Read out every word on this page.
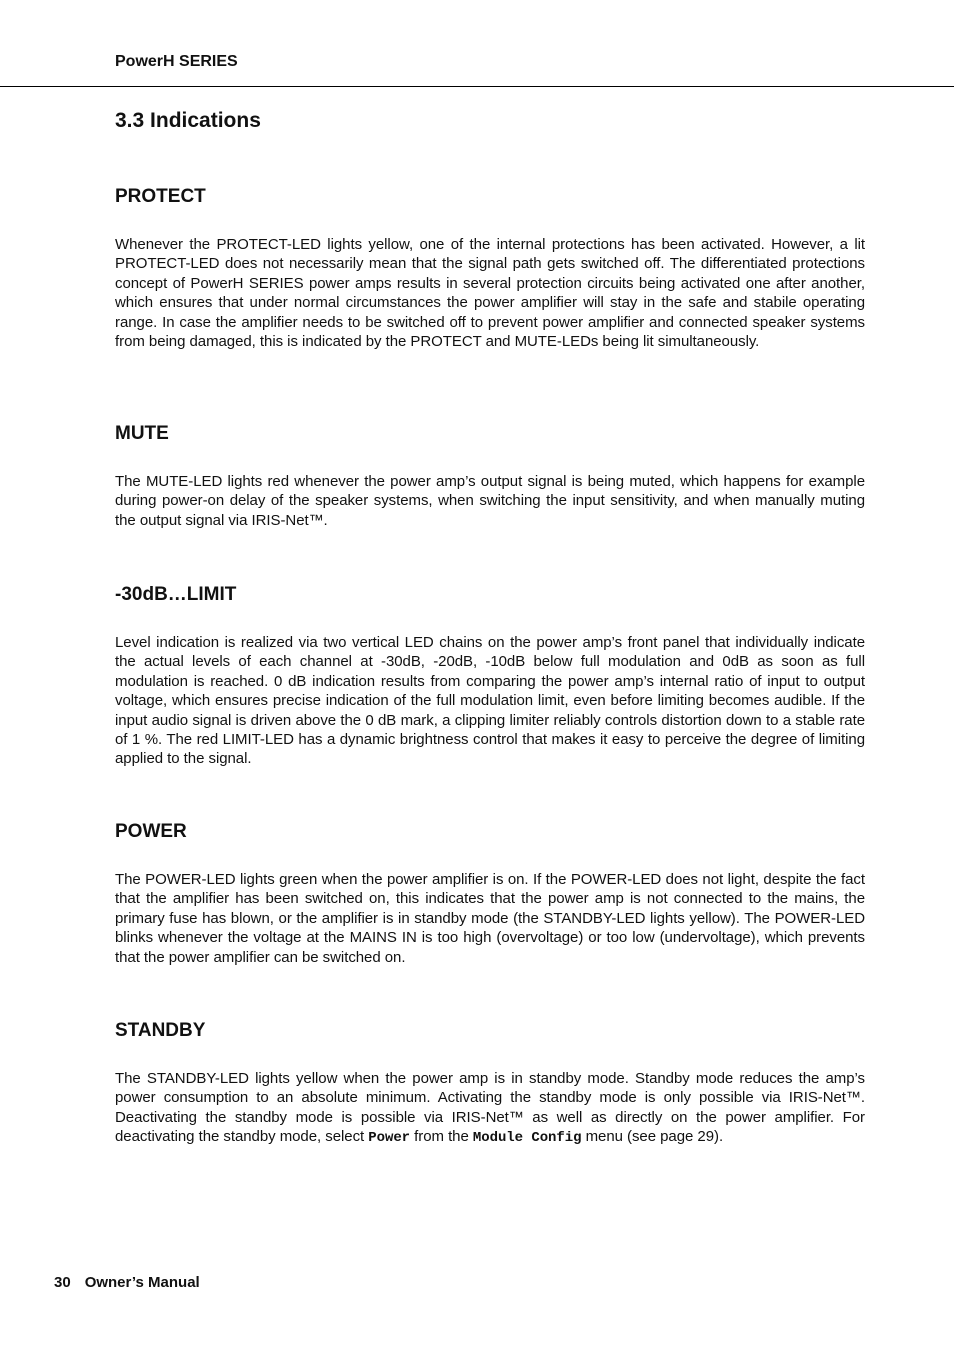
PowerH SERIES
3.3 Indications
PROTECT

Whenever the PROTECT-LED lights yellow, one of the internal protections has been activated. However, a lit PROTECT-LED does not necessarily mean that the signal path gets switched off. The differentiated protections concept of PowerH SERIES power amps results in several protection circuits being activated one after another, which ensures that under normal circumstances the power amplifier will stay in the safe and stabile operating range. In case the amplifier needs to be switched off to prevent power amplifier and connected speaker systems from being damaged, this is indicated by the PROTECT and MUTE-LEDs being lit simultaneously.

MUTE

The MUTE-LED lights red whenever the power amp’s output signal is being muted, which happens for example during power-on delay of the speaker systems, when switching the input sensitivity, and when manually muting the output signal via IRIS-Net™.

-30dB…LIMIT

Level indication is realized via two vertical LED chains on the power amp’s front panel that individually indicate the actual levels of each channel at -30dB, -20dB, -10dB below full modulation and 0dB as soon as full modulation is reached. 0 dB indication results from comparing the power amp’s internal ratio of input to output voltage, which ensures precise indication of the full modulation limit, even before limiting becomes audible. If the input audio signal is driven above the 0 dB mark, a clipping limiter reliably controls distortion down to a stable rate of 1 %. The red LIMIT-LED has a dynamic brightness control that makes it easy to perceive the degree of limiting applied to the signal.

POWER

The POWER-LED lights green when the power amplifier is on. If the POWER-LED does not light, despite the fact that the amplifier has been switched on, this indicates that the power amp is not connected to the mains, the primary fuse has blown, or the amplifier is in standby mode (the STANDBY-LED lights yellow). The POWER-LED blinks whenever the voltage at the MAINS IN is too high (overvoltage) or too low (undervoltage), which prevents that the power amplifier can be switched on.

STANDBY

The STANDBY-LED lights yellow when the power amp is in standby mode. Standby mode reduces the amp’s power consumption to an absolute minimum. Activating the standby mode is only possible via IRIS-Net™. Deactivating the standby mode is possible via IRIS-Net™ as well as directly on the power amplifier. For deactivating the standby mode, select Power from the Module Config menu (see page 29).

30 Owner’s Manual
